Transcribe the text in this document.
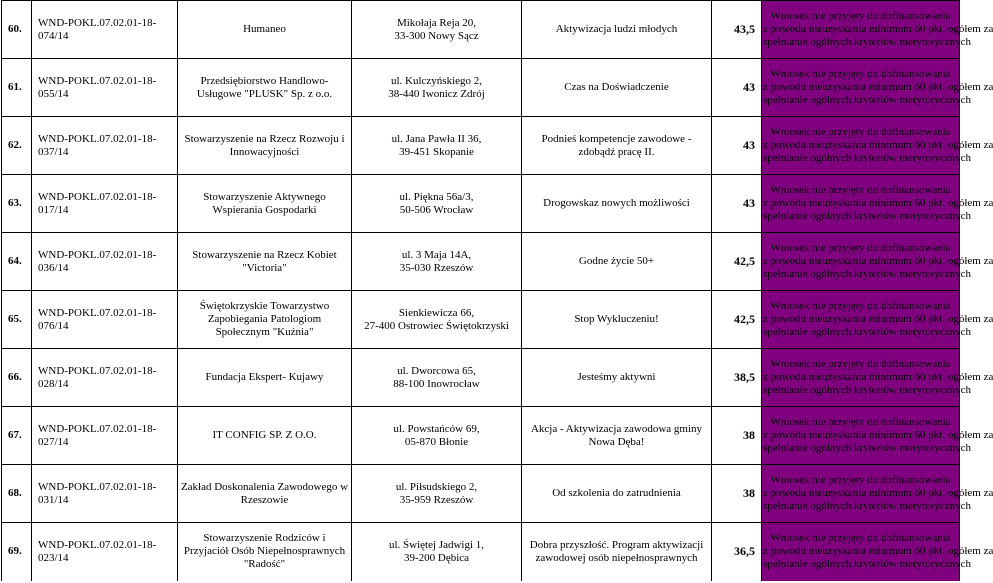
60.	WND-POKL.07.02.01-18-074/14	Humaneo	Mikołaja Reja 20,
33-300 Nowy Sącz	Aktywizacja ludzi młodych	43,5	Wniosek nie przyjęty do dofinansowania
z powodu nieuzyskania minimum 60 pkt. ogółem za
spełnianie ogólnych kryteriów merytorycznych

61.	WND-POKL.07.02.01-18-055/14	Przedsiębiorstwo Handlowo-Usługowe "PLUSK" Sp. z o.o.	ul. Kulczyńskiego 2,
38-440 Iwonicz Zdrój	Czas na Doświadczenie	43	Wniosek nie przyjęty do dofinansowania
z powodu nieuzyskania minimum 60 pkt. ogółem za
spełnianie ogólnych kryteriów merytorycznych

62.	WND-POKL.07.02.01-18-037/14	Stowarzyszenie na Rzecz Rozwoju i Innowacyjności	ul. Jana Pawła II 36,
39-451 Skopanie	Podnieś kompetencje zawodowe - zdobądź pracę II.	43	Wniosek nie przyjęty do dofinansowania
z powodu nieuzyskania minimum 60 pkt. ogółem za
spełnianie ogólnych kryteriów merytorycznych

63.	WND-POKL.07.02.01-18-017/14	Stowarzyszenie Aktywnego Wspierania Gospodarki	ul. Piękna 56a/3,
50-506 Wrocław	Drogowskaz nowych możliwości	43	Wniosek nie przyjęty do dofinansowania
z powodu nieuzyskania minimum 60 pkt. ogółem za
spełnianie ogólnych kryteriów merytorycznych

64.	WND-POKL.07.02.01-18-036/14	Stowarzyszenie na Rzecz Kobiet "Victoria"	ul. 3 Maja 14A,
35-030 Rzeszów	Godne życie 50+	42,5	Wniosek nie przyjęty do dofinansowania
z powodu nieuzyskania minimum 60 pkt. ogółem za
spełnianie ogólnych kryteriów merytorycznych

65.	WND-POKL.07.02.01-18-076/14	Świętokrzyskie Towarzystwo Zapobiegania Patologiom Społecznym "Kuźnia"	Sienkiewicza 66,
27-400 Ostrowiec Świętokrzyski	Stop Wykluczeniu!	42,5	Wniosek nie przyjęty do dofinansowania
z powodu nieuzyskania minimum 60 pkt. ogółem za
spełnianie ogólnych kryteriów merytorycznych

66.	WND-POKL.07.02.01-18-028/14	Fundacja Ekspert- Kujawy	ul. Dworcowa 65,
88-100 Inowrocław	Jesteśmy aktywni	38,5	Wniosek nie przyjęty do dofinansowania
z powodu nieuzyskania minimum 60 pkt. ogółem za
spełnianie ogólnych kryteriów merytorycznych

67.	WND-POKL.07.02.01-18-027/14	IT CONFIG SP. Z O.O.	ul. Powstańców 69,
05-870 Błonie	Akcja - Aktywizacja zawodowa gminy Nowa Dęba!	38	Wniosek nie przyjęty do dofinansowania
z powodu nieuzyskania minimum 60 pkt. ogółem za
spełnianie ogólnych kryteriów merytorycznych

68.	WND-POKL.07.02.01-18-031/14	Zakład Doskonalenia Zawodowego w Rzeszowie	ul. Piłsudskiego 2,
35-959 Rzeszów	Od szkolenia do zatrudnienia	38	Wniosek nie przyjęty do dofinansowania
z powodu nieuzyskania minimum 60 pkt. ogółem za
spełnianie ogólnych kryteriów merytorycznych

69.	WND-POKL.07.02.01-18-023/14	Stowarzyszenie Rodziców i Przyjaciół Osób Niepełnosprawnych "Radość"	ul. Świętej Jadwigi 1,
39-200 Dębica	Dobra przyszłość. Program aktywizacji zawodowej osób niepełnosprawnych	36,5	Wniosek nie przyjęty do dofinansowania
z powodu nieuzyskania minimum 60 pkt. ogółem za
spełnianie ogólnych kryteriów merytorycznych
